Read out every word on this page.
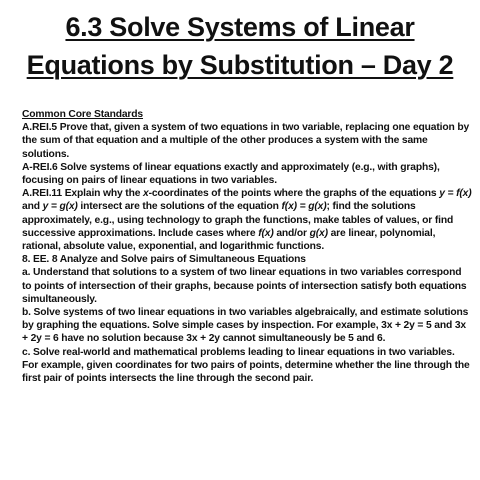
6.3 Solve Systems of Linear
Equations by Substitution – Day 2

Common Core Standards

A.REI.5 Prove that, given a system of two equations in two variable, replacing one equation by the sum of that equation and a multiple of the other produces a system with the same solutions.

A-REI.6 Solve systems of linear equations exactly and approximately (e.g., with graphs), focusing on pairs of linear equations in two variables.

A.REI.11 Explain why the x-coordinates of the points where the graphs of the equations y = f(x) and y = g(x) intersect are the solutions of the equation f(x) = g(x); find the solutions approximately, e.g., using technology to graph the functions, make tables of values, or find successive approximations. Include cases where f(x) and/or g(x) are linear, polynomial, rational, absolute value, exponential, and logarithmic functions.

8. EE. 8 Analyze and Solve pairs of Simultaneous Equations

a. Understand that solutions to a system of two linear equations in two variables correspond to points of intersection of their graphs, because points of intersection satisfy both equations simultaneously.

b. Solve systems of two linear equations in two variables algebraically, and estimate solutions by graphing the equations. Solve simple cases by inspection. For example, 3x + 2y = 5 and 3x + 2y = 6 have no solution because 3x + 2y cannot simultaneously be 5 and 6.

c. Solve real-world and mathematical problems leading to linear equations in two variables. For example, given coordinates for two pairs of points, determine whether the line through the first pair of points intersects the line through the second pair.
